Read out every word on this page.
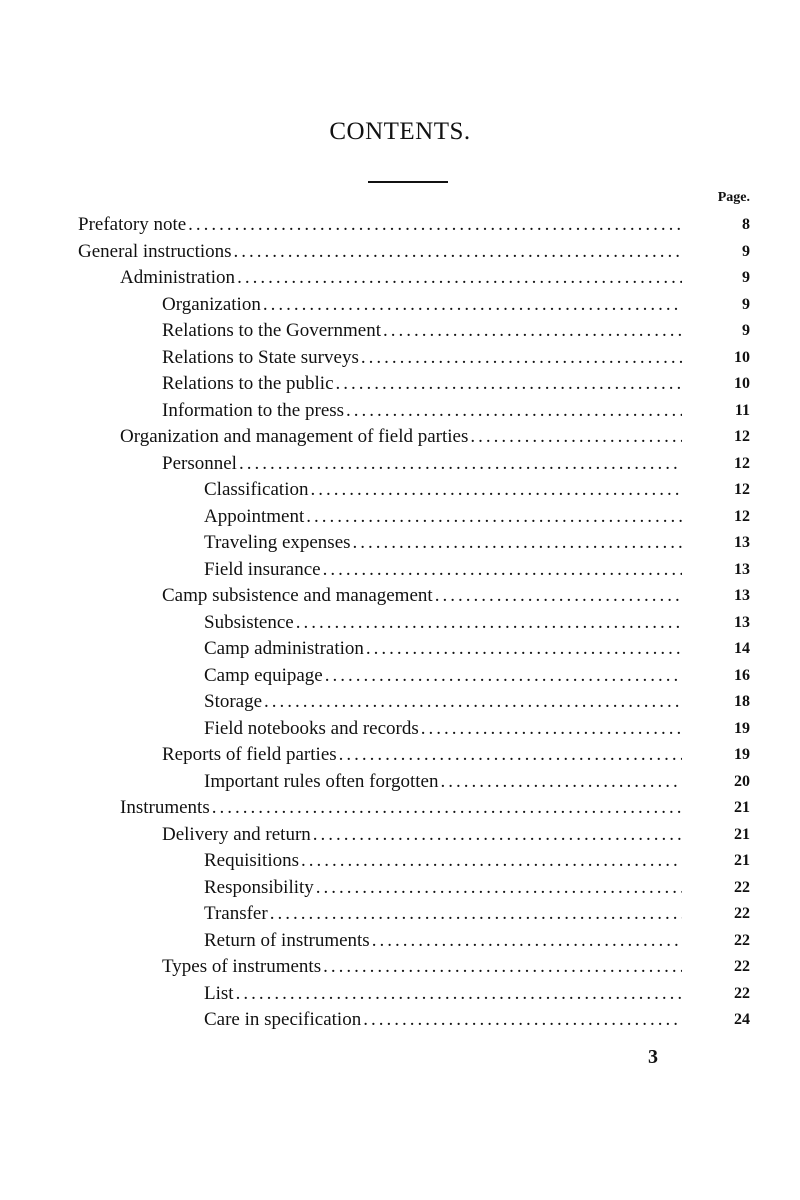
CONTENTS.
Page.
Prefatory note .....	8
General instructions .....	9
Administration .....	9
Organization .....	9
Relations to the Government .....	9
Relations to State surveys .....	10
Relations to the public .....	10
Information to the press .....	11
Organization and management of field parties .....	12
Personnel .....	12
Classification .....	12
Appointment .....	12
Traveling expenses .....	13
Field insurance .....	13
Camp subsistence and management .....	13
Subsistence .....	13
Camp administration .....	14
Camp equipage .....	16
Storage .....	18
Field notebooks and records .....	19
Reports of field parties .....	19
Important rules often forgotten .....	20
Instruments .....	21
Delivery and return .....	21
Requisitions .....	21
Responsibility .....	22
Transfer .....	22
Return of instruments .....	22
Types of instruments .....	22
List .....	22
Care in specification .....	24
3
